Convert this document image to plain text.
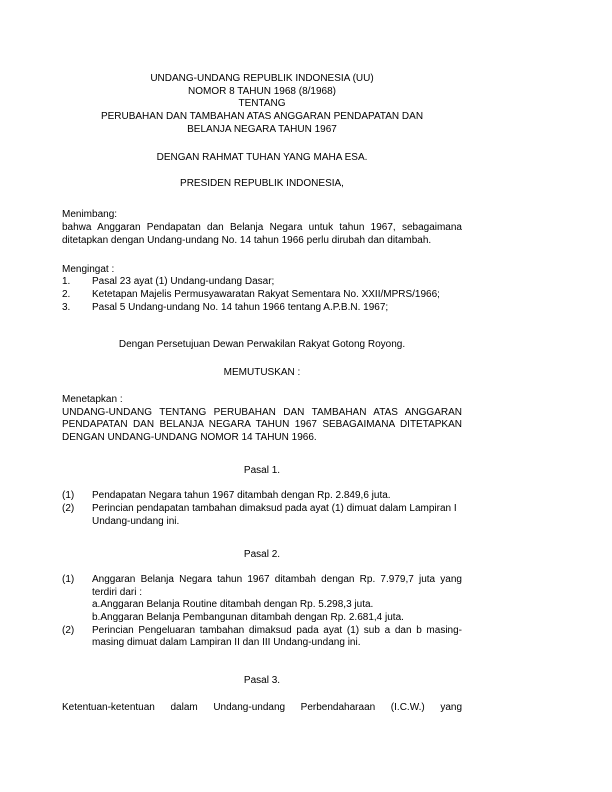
UNDANG-UNDANG REPUBLIK INDONESIA (UU)
NOMOR 8 TAHUN 1968 (8/1968)
TENTANG
PERUBAHAN DAN TAMBAHAN ATAS ANGGARAN PENDAPATAN DAN
BELANJA NEGARA TAHUN 1967
DENGAN RAHMAT TUHAN YANG MAHA ESA.
PRESIDEN REPUBLIK INDONESIA,
Menimbang:
bahwa Anggaran Pendapatan dan Belanja Negara untuk tahun 1967, sebagaimana
ditetapkan dengan Undang-undang No. 14 tahun 1966 perlu dirubah dan ditambah.
Mengingat :
1. Pasal 23 ayat (1) Undang-undang Dasar;
2. Ketetapan Majelis Permusyawaratan Rakyat Sementara No. XXII/MPRS/1966;
3. Pasal 5 Undang-undang No. 14 tahun 1966 tentang A.P.B.N. 1967;
Dengan Persetujuan Dewan Perwakilan Rakyat Gotong Royong.
MEMUTUSKAN :
Menetapkan :
UNDANG-UNDANG TENTANG PERUBAHAN DAN TAMBAHAN ATAS ANGGARAN
PENDAPATAN DAN BELANJA NEGARA TAHUN 1967 SEBAGAIMANA DITETAPKAN
DENGAN UNDANG-UNDANG NOMOR 14 TAHUN 1966.
Pasal 1.
(1) Pendapatan Negara tahun 1967 ditambah dengan Rp. 2.849,6 juta.
(2) Perincian pendapatan tambahan dimaksud pada ayat (1) dimuat dalam Lampiran I
Undang-undang ini.
Pasal 2.
(1) Anggaran Belanja Negara tahun 1967 ditambah dengan Rp. 7.979,7 juta yang
terdiri dari :
a.Anggaran Belanja Routine ditambah dengan Rp. 5.298,3 juta.
b.Anggaran Belanja Pembangunan ditambah dengan Rp. 2.681,4 juta.
(2) Perincian Pengeluaran tambahan dimaksud pada ayat (1) sub a dan b masing-
masing dimuat dalam Lampiran II dan III Undang-undang ini.
Pasal 3.
Ketentuan-ketentuan dalam Undang-undang Perbendaharaan (I.C.W.) yang
